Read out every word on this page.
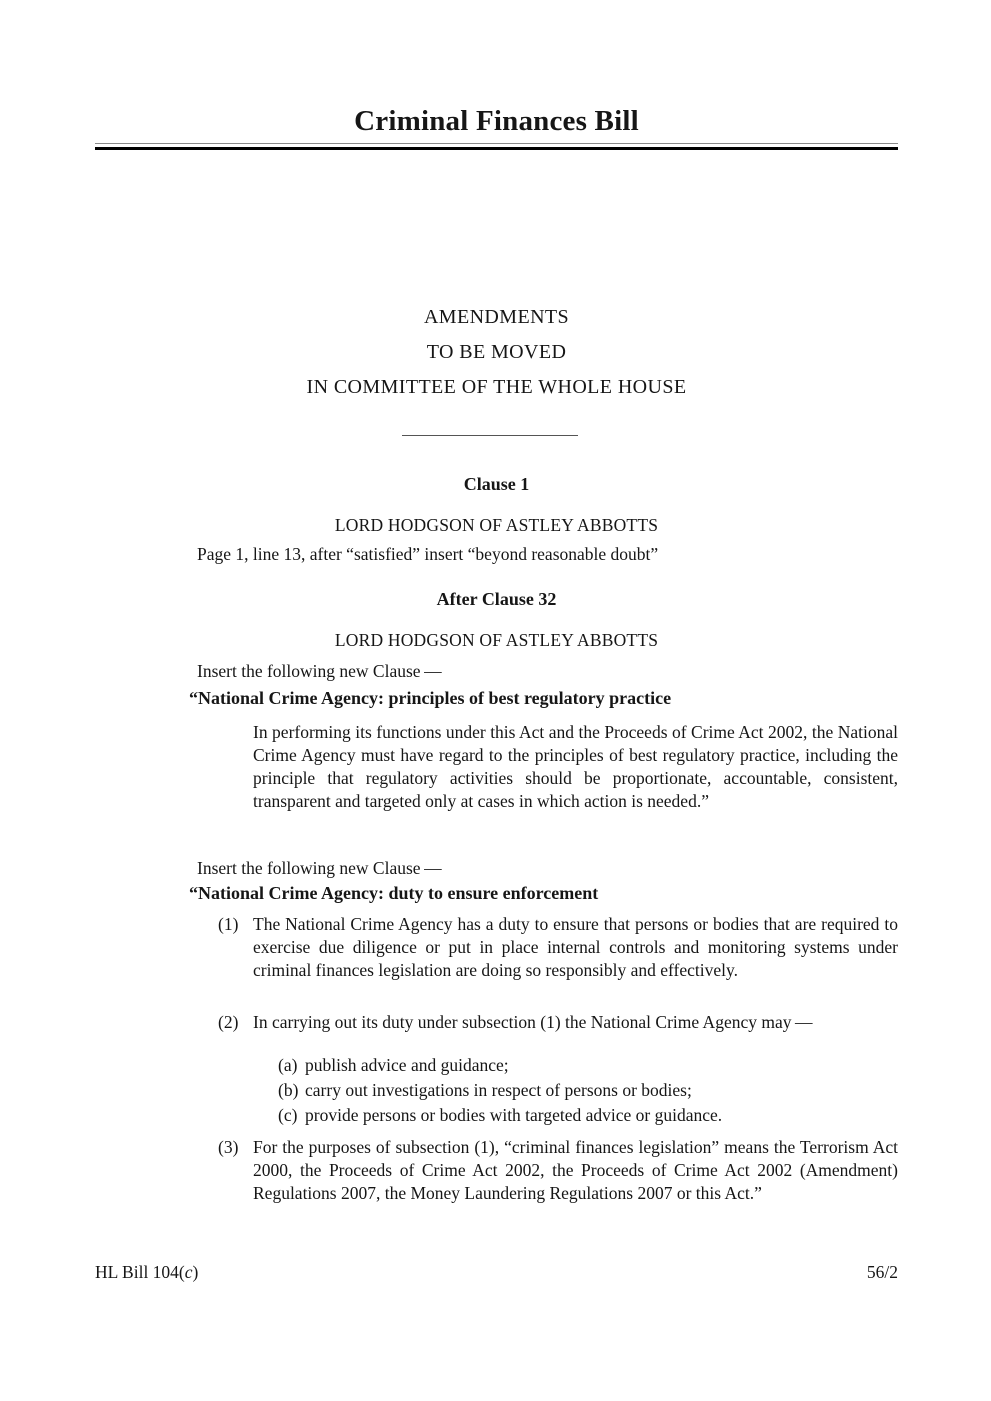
Criminal Finances Bill
AMENDMENTS
TO BE MOVED
IN COMMITTEE OF THE WHOLE HOUSE
Clause 1
LORD HODGSON OF ASTLEY ABBOTTS
Page 1, line 13, after “satisfied” insert “beyond reasonable doubt”
After Clause 32
LORD HODGSON OF ASTLEY ABBOTTS
Insert the following new Clause —
“National Crime Agency: principles of best regulatory practice
In performing its functions under this Act and the Proceeds of Crime Act 2002, the National Crime Agency must have regard to the principles of best regulatory practice, including the principle that regulatory activities should be proportionate, accountable, consistent, transparent and targeted only at cases in which action is needed.”
Insert the following new Clause —
“National Crime Agency: duty to ensure enforcement
(1) The National Crime Agency has a duty to ensure that persons or bodies that are required to exercise due diligence or put in place internal controls and monitoring systems under criminal finances legislation are doing so responsibly and effectively.
(2) In carrying out its duty under subsection (1) the National Crime Agency may —
(a) publish advice and guidance;
(b) carry out investigations in respect of persons or bodies;
(c) provide persons or bodies with targeted advice or guidance.
(3) For the purposes of subsection (1), “criminal finances legislation” means the Terrorism Act 2000, the Proceeds of Crime Act 2002, the Proceeds of Crime Act 2002 (Amendment) Regulations 2007, the Money Laundering Regulations 2007 or this Act.”
HL Bill 104(c)	56/2
